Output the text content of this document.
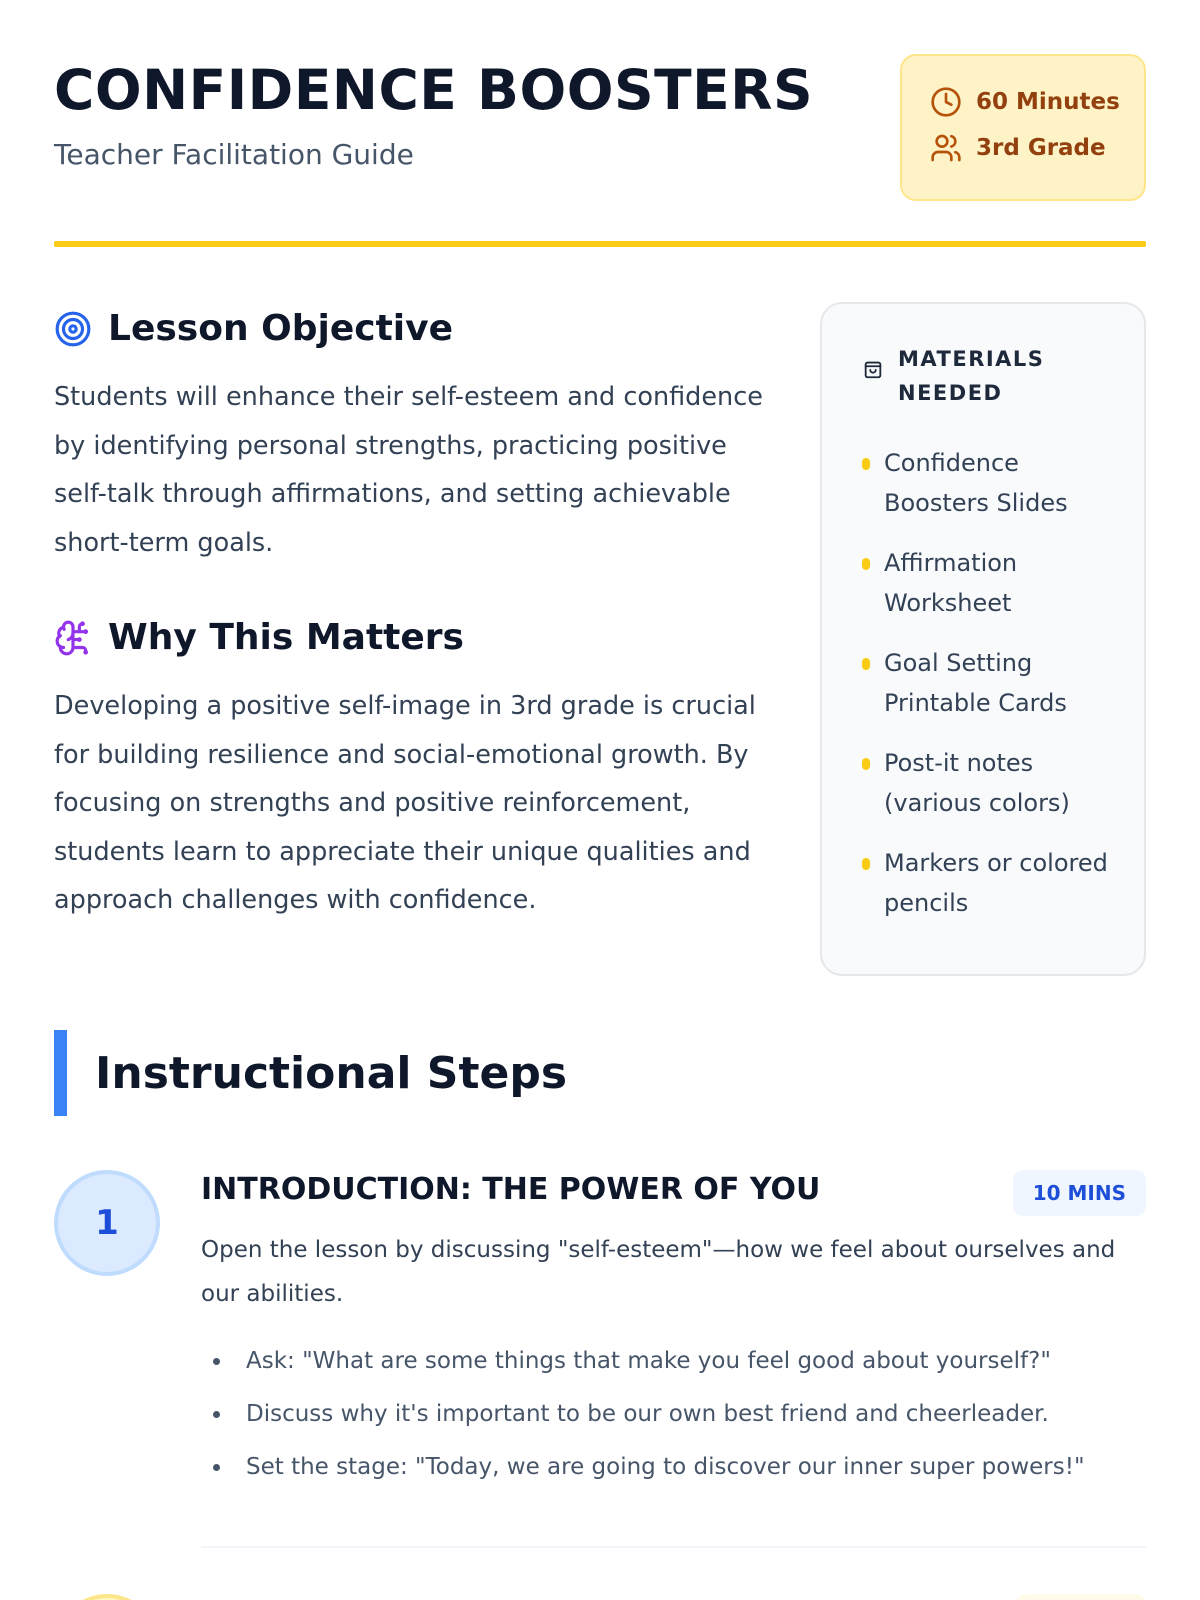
CONFIDENCE BOOSTERS
Teacher Facilitation Guide
60 Minutes
3rd Grade
Lesson Objective

Students will enhance their self-esteem and confidence by identifying personal strengths, practicing positive self-talk through affirmations, and setting achievable short-term goals.

Why This Matters

Developing a positive self-image in 3rd grade is crucial for building resilience and social-emotional growth. By focusing on strengths and positive reinforcement, students learn to appreciate their unique qualities and approach challenges with confidence.

MATERIALS NEEDED
Confidence Boosters Slides
Affirmation Worksheet
Goal Setting Printable Cards
Post-it notes (various colors)
Markers or colored pencils
Instructional Steps
1
INTRODUCTION: THE POWER OF YOU	10 MINS

Open the lesson by discussing "self-esteem"—how we feel about ourselves and our abilities.

Ask: "What are some things that make you feel good about yourself?"
Discuss why it's important to be our own best friend and cheerleader.
Set the stage: "Today, we are going to discover our inner super powers!"
